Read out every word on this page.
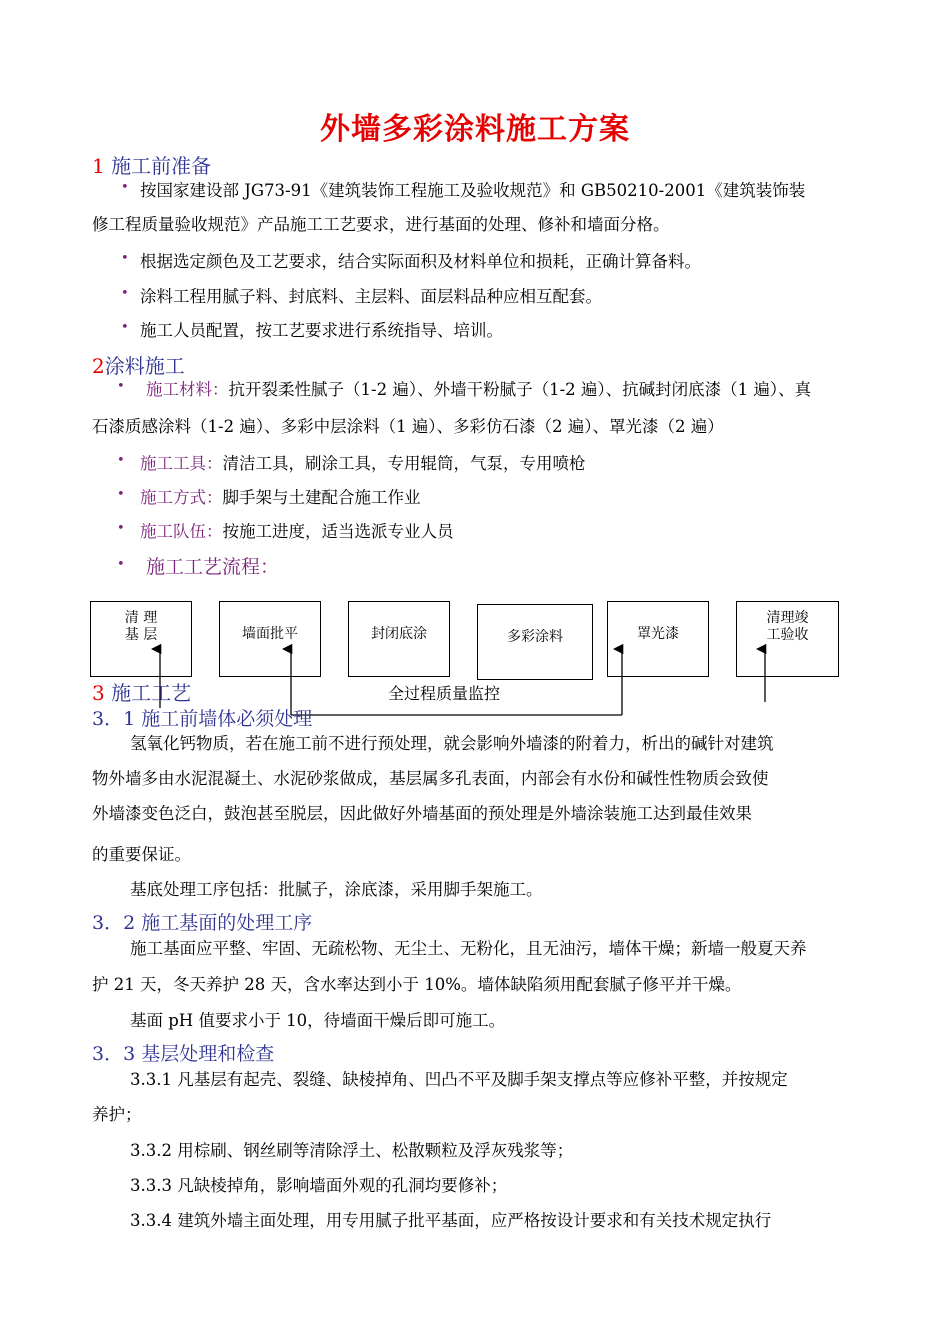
外墙多彩涂料施工方案
1 施工前准备
• 按国家建设部 JG73-91《建筑装饰工程施工及验收规范》和 GB50210-2001《建筑装饰装
修工程质量验收规范》产品施工工艺要求，进行基面的处理、修补和墙面分格。
• 根据选定颜色及工艺要求，结合实际面积及材料单位和损耗，正确计算备料。
• 涂料工程用腻子料、封底料、主层料、面层料品种应相互配套。
• 施工人员配置，按工艺要求进行系统指导、培训。
2涂料施工
• 施工材料：抗开裂柔性腻子（1-2 遍）、外墙干粉腻子（1-2 遍）、抗碱封闭底漆（1 遍）、真
石漆质感涂料（1-2 遍）、多彩中层涂料（1 遍）、多彩仿石漆（2 遍）、罩光漆（2 遍）
• 施工工具：清洁工具，刷涂工具，专用辊筒，气泵，专用喷枪
• 施工方式：脚手架与土建配合施工作业
• 施工队伍：按施工进度，适当选派专业人员
• 施工工艺流程：
清 理
基 层	墙面批平	封闭底涂	多彩涂料	罩光漆
清理竣
工验收
全过程质量监控
3 施工工艺
3．1 施工前墙体必须处理
氢氧化钙物质，若在施工前不进行预处理，就会影响外墙漆的附着力，析出的碱针对建筑
物外墙多由水泥混凝土、水泥砂浆做成，基层属多孔表面，内部会有水份和碱性性物质会致使
外墙漆变色泛白，鼓泡甚至脱层，因此做好外墙基面的预处理是外墙涂装施工达到最佳效果
的重要保证。
基底处理工序包括：批腻子，涂底漆，采用脚手架施工。
3．2 施工基面的处理工序
施工基面应平整、牢固、无疏松物、无尘土、无粉化，且无油污，墙体干燥；新墙一般夏天养
护 21 天，冬天养护 28 天，含水率达到小于 10%。墙体缺陷须用配套腻子修平并干燥。
基面 pH 值要求小于 10，待墙面干燥后即可施工。
3．3 基层处理和检查
3.3.1 凡基层有起壳、裂缝、缺棱掉角、凹凸不平及脚手架支撑点等应修补平整，并按规定
养护；
3.3.2 用棕刷、钢丝刷等清除浮土、松散颗粒及浮灰残浆等；
3.3.3 凡缺棱掉角，影响墙面外观的孔洞均要修补；
3.3.4 建筑外墙主面处理，用专用腻子批平基面，应严格按设计要求和有关技术规定执行
